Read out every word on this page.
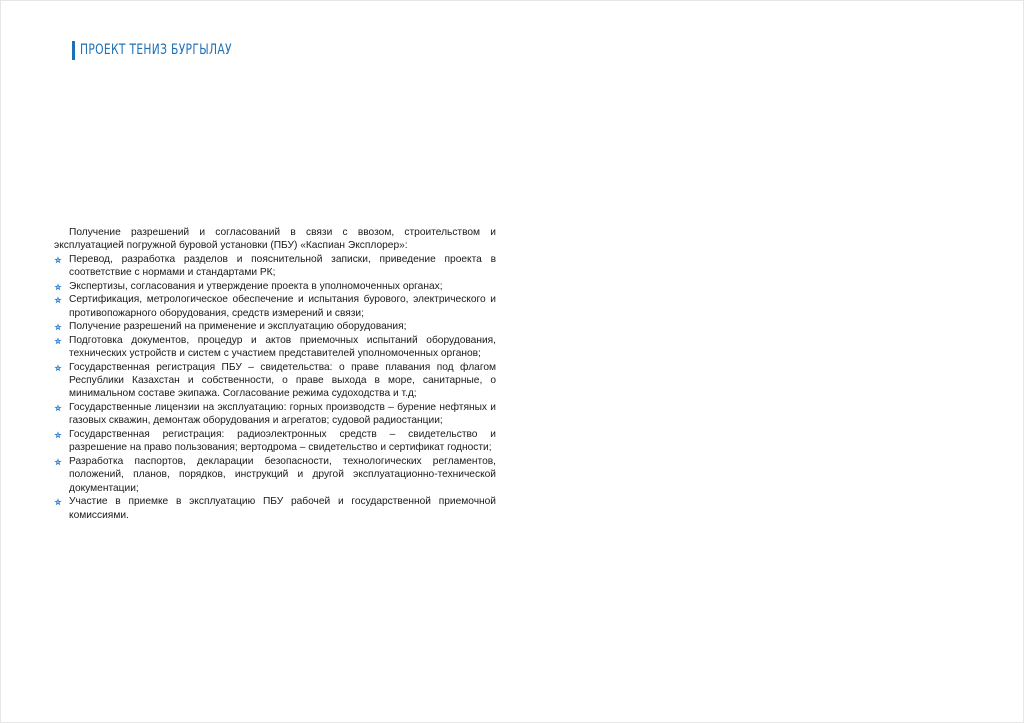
ПРОЕКТ ТЕНИЗ БУРГЫЛАУ

Получение разрешений и согласований в связи с ввозом, строительством и эксплуатацией погружной буровой установки (ПБУ) «Каспиан Эксплорер»:

Перевод, разработка разделов и пояснительной записки, приведение проекта в соответствие с нормами и стандартами РК;
Экспертизы, согласования и утверждение проекта в уполномоченных органах;
Сертификация, метрологическое обеспечение и испытания бурового, электрического и противопожарного оборудования, средств измерений и связи;
Получение разрешений на применение и эксплуатацию оборудования;
Подготовка документов, процедур и актов приемочных испытаний оборудования, технических устройств и систем с участием представителей уполномоченных органов;
Государственная регистрация ПБУ – свидетельства: о праве плавания под флагом Республики Казахстан и собственности, о праве выхода в море, санитарные, о минимальном составе экипажа. Согласование режима судоходства и т.д;
Государственные лицензии на эксплуатацию: горных производств – бурение нефтяных и газовых скважин, демонтаж оборудования и агрегатов; судовой радиостанции;
Государственная регистрация: радиоэлектронных средств – свидетельство и разрешение на право пользования; вертодрома – свидетельство и сертификат годности;
Разработка паспортов, декларации безопасности, технологических регламентов, положений, планов, порядков, инструкций и другой эксплуатационно-технической документации;
Участие в приемке в эксплуатацию ПБУ рабочей и государственной приемочной комиссиями.
